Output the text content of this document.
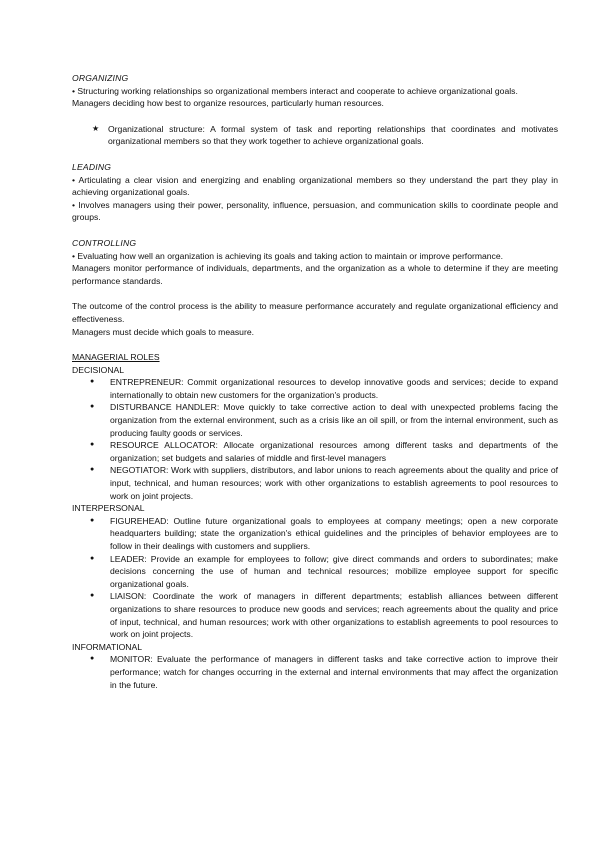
ORGANIZING

• Structuring working relationships so organizational members interact and cooperate to achieve organizational goals. Managers deciding how best to organize resources, particularly human resources.

★	Organizational structure: A formal system of task and reporting relationships that coordinates and motivates organizational members so that they work together to achieve organizational goals.

LEADING

• Articulating a clear vision and energizing and enabling organizational members so they understand the part they play in achieving organizational goals.

• Involves managers using their power, personality, influence, persuasion, and communication skills to coordinate people and groups.

CONTROLLING

• Evaluating how well an organization is achieving its goals and taking action to maintain or improve performance.

Managers monitor performance of individuals, departments, and the organization as a whole to determine if they are meeting performance standards.

The outcome of the control process is the ability to measure performance accurately and regulate organizational efficiency and effectiveness.

Managers must decide which goals to measure.

MANAGERIAL ROLES

DECISIONAL

●	ENTREPRENEUR: Commit organizational resources to develop innovative goods and services; decide to expand internationally to obtain new customers for the organization's products.
●	DISTURBANCE HANDLER: Move quickly to take corrective action to deal with unexpected problems facing the organization from the external environment, such as a crisis like an oil spill, or from the internal environment, such as producing faulty goods or services.
●	RESOURCE ALLOCATOR: Allocate organizational resources among different tasks and departments of the organization; set budgets and salaries of middle and first-level managers
●	NEGOTIATOR: Work with suppliers, distributors, and labor unions to reach agreements about the quality and price of input, technical, and human resources; work with other organizations to establish agreements to pool resources to work on joint projects.

INTERPERSONAL

●	FIGUREHEAD: Outline future organizational goals to employees at company meetings; open a new corporate headquarters building; state the organization's ethical guidelines and the principles of behavior employees are to follow in their dealings with customers and suppliers.
●	LEADER: Provide an example for employees to follow; give direct commands and orders to subordinates; make decisions concerning the use of human and technical resources; mobilize employee support for specific organizational goals.
●	LIAISON: Coordinate the work of managers in different departments; establish alliances between different organizations to share resources to produce new goods and services; reach agreements about the quality and price of input, technical, and human resources; work with other organizations to establish agreements to pool resources to work on joint projects.

INFORMATIONAL

●	MONITOR: Evaluate the performance of managers in different tasks and take corrective action to improve their performance; watch for changes occurring in the external and internal environments that may affect the organization in the future.
